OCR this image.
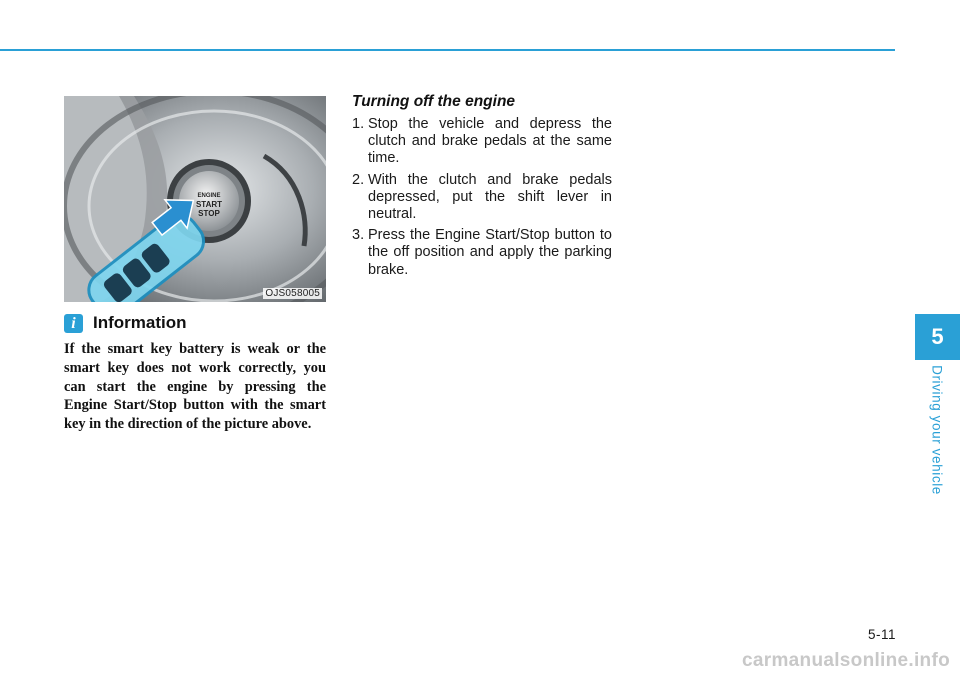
ENGINE
START
STOP
OJS058005
i	Information
If the smart key battery is weak or the smart key does not work correctly, you can start the engine by pressing the Engine Start/Stop button with the smart key in the direction of the picture above.
Turning off the engine
1. Stop the vehicle and depress the clutch and brake pedals at the same time.
2. With the clutch and brake pedals depressed, put the shift lever in neutral.
3. Press the Engine Start/Stop button to the off position and apply the parking brake.
5
Driving your vehicle
5-11
carmanualsonline.info
